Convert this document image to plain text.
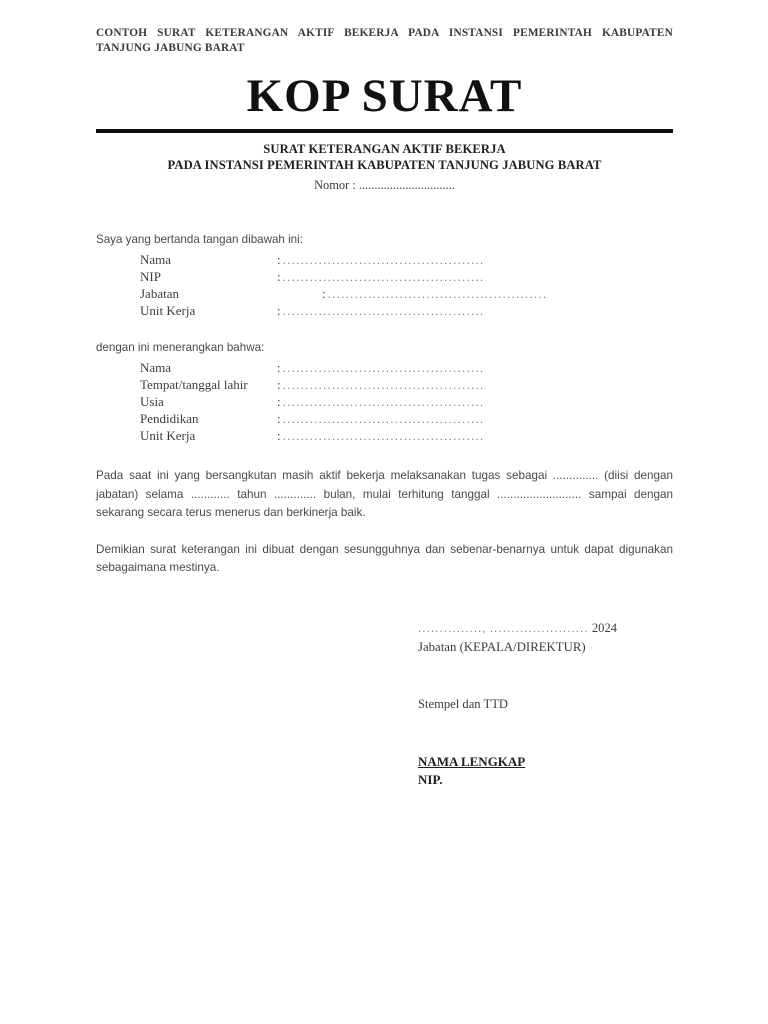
CONTOH SURAT KETERANGAN AKTIF BEKERJA PADA INSTANSI PEMERINTAH KABUPATEN TANJUNG JABUNG BARAT

KOP SURAT

SURAT KETERANGAN AKTIF BEKERJA

PADA INSTANSI PEMERINTAH KABUPATEN TANJUNG JABUNG BARAT

Nomor : ...............................

Saya yang bertanda tangan dibawah ini:

Nama	: .............................................
NIP	: .............................................
Jabatan	: .................................................
Unit Kerja	: .............................................

dengan ini menerangkan bahwa:

Nama	: .............................................
Tempat/tanggal lahir	: .............................................
Usia	: .............................................
Pendidikan	: .............................................
Unit Kerja	: .............................................

Pada saat ini yang bersangkutan masih aktif bekerja melaksanakan tugas sebagai .............. (diisi dengan jabatan) selama ............ tahun ............. bulan, mulai terhitung tanggal .......................... sampai dengan sekarang secara terus menerus dan berkinerja baik.

Demikian surat keterangan ini dibuat dengan sesungguhnya dan sebenar-benarnya untuk dapat digunakan sebagaimana mestinya.

..............., ....................... 2024
Jabatan (KEPALA/DIREKTUR)
Stempel dan TTD
NAMA LENGKAP
NIP.
